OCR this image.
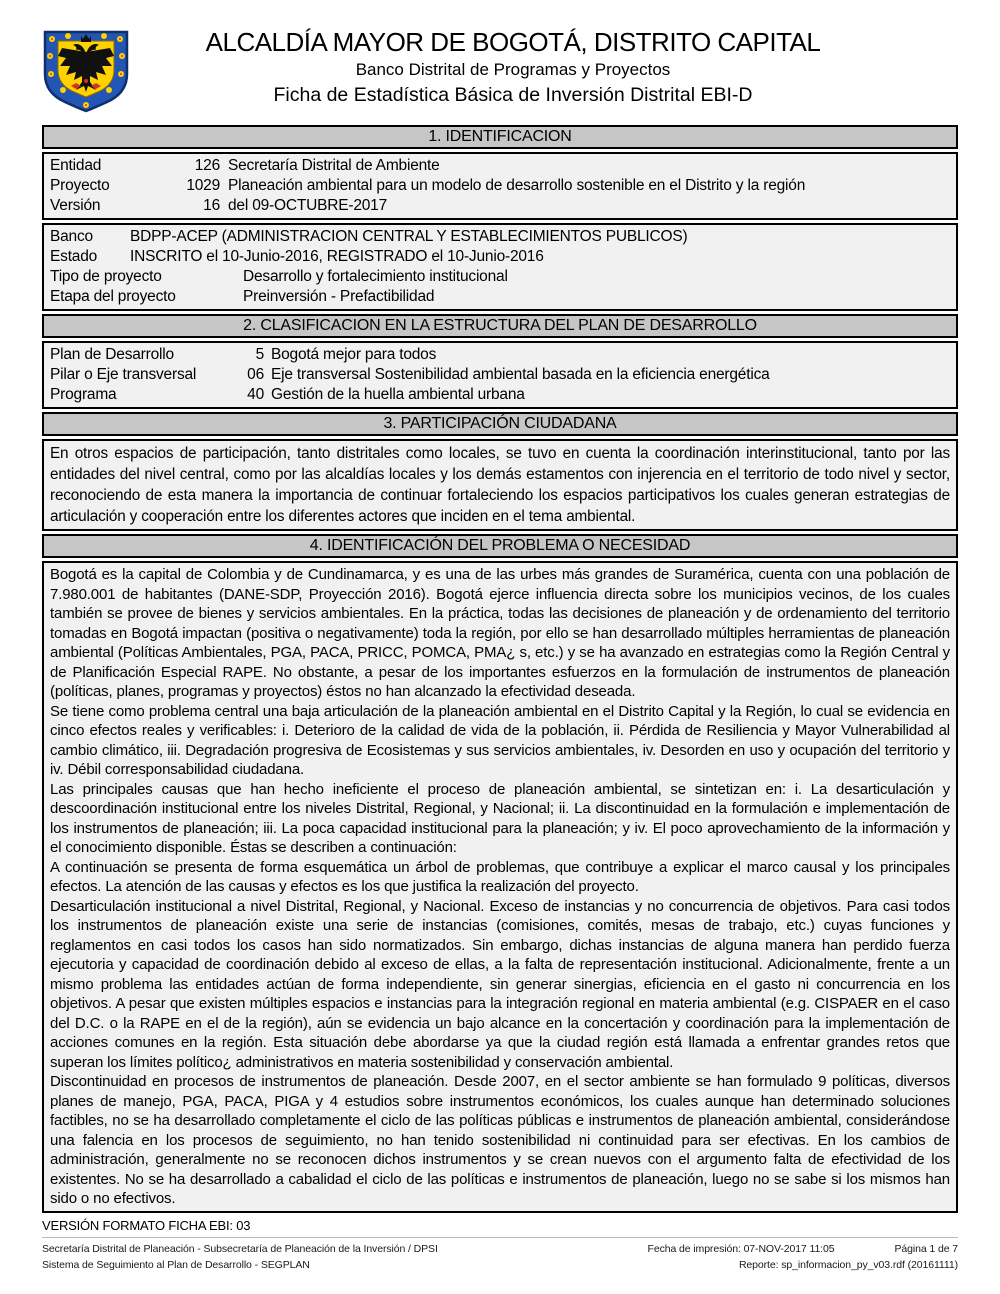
ALCALDÍA MAYOR DE BOGOTÁ, DISTRITO CAPITAL
Banco Distrital de Programas y Proyectos
Ficha de Estadística Básica de Inversión Distrital EBI-D
1. IDENTIFICACION
Entidad	126 Secretaría Distrital de Ambiente
Proyecto	1029 Planeación ambiental para un modelo de desarrollo sostenible en el Distrito y la región
Versión	16 del 09-OCTUBRE-2017
Banco	BDPP-ACEP (ADMINISTRACION CENTRAL Y ESTABLECIMIENTOS PUBLICOS)
Estado	INSCRITO el 10-Junio-2016, REGISTRADO el 10-Junio-2016
Tipo de proyecto	Desarrollo y fortalecimiento institucional
Etapa del proyecto	Preinversión - Prefactibilidad
2. CLASIFICACION EN LA ESTRUCTURA DEL PLAN DE DESARROLLO
Plan de Desarrollo	5 Bogotá mejor para todos
Pilar o Eje transversal	06 Eje transversal Sostenibilidad ambiental basada en la eficiencia energética
Programa	40 Gestión de la huella ambiental urbana
3. PARTICIPACIÓN CIUDADANA
En otros espacios de participación, tanto distritales como locales, se tuvo en cuenta la coordinación interinstitucional, tanto por las entidades del nivel central, como por las alcaldías locales y los demás estamentos con injerencia en el territorio de todo nivel y sector, reconociendo de esta manera la importancia de continuar fortaleciendo los espacios participativos los cuales generan estrategias de articulación y cooperación entre los diferentes actores que inciden en el tema ambiental.
4. IDENTIFICACIÓN DEL PROBLEMA O NECESIDAD

Bogotá es la capital de Colombia y de Cundinamarca, y es una de las urbes más grandes de Suramérica, cuenta con una población de 7.980.001 de habitantes (DANE-SDP, Proyección 2016). Bogotá ejerce influencia directa sobre los municipios vecinos, de los cuales también se provee de bienes y servicios ambientales. En la práctica, todas las decisiones de planeación y de ordenamiento del territorio tomadas en Bogotá impactan (positiva o negativamente) toda la región, por ello se han desarrollado múltiples herramientas de planeación ambiental (Políticas Ambientales, PGA, PACA, PRICC, POMCA, PMA¿ s, etc.) y se ha avanzado en estrategias como la Región Central y de Planificación Especial RAPE. No obstante, a pesar de los importantes esfuerzos en la formulación de instrumentos de planeación (políticas, planes, programas y proyectos) éstos no han alcanzado la efectividad deseada.

Se tiene como problema central una baja articulación de la planeación ambiental en el Distrito Capital y la Región, lo cual se evidencia en cinco efectos reales y verificables: i. Deterioro de la calidad de vida de la población, ii. Pérdida de Resiliencia y Mayor Vulnerabilidad al cambio climático, iii. Degradación progresiva de Ecosistemas y sus servicios ambientales, iv. Desorden en uso y ocupación del territorio y iv. Débil corresponsabilidad ciudadana.

Las principales causas que han hecho ineficiente el proceso de planeación ambiental, se sintetizan en: i. La desarticulación y descoordinación institucional entre los niveles Distrital, Regional, y Nacional; ii. La discontinuidad en la formulación e implementación de los instrumentos de planeación; iii. La poca capacidad institucional para la planeación; y iv. El poco aprovechamiento de la información y el conocimiento disponible. Éstas se describen a continuación:

A continuación se presenta de forma esquemática un árbol de problemas, que contribuye a explicar el marco causal y los principales efectos. La atención de las causas y efectos es los que justifica la realización del proyecto.

Desarticulación institucional a nivel Distrital, Regional, y Nacional. Exceso de instancias y no concurrencia de objetivos. Para casi todos los instrumentos de planeación existe una serie de instancias (comisiones, comités, mesas de trabajo, etc.) cuyas funciones y reglamentos en casi todos los casos han sido normatizados. Sin embargo, dichas instancias de alguna manera han perdido fuerza ejecutoria y capacidad de coordinación debido al exceso de ellas, a la falta de representación institucional. Adicionalmente, frente a un mismo problema las entidades actúan de forma independiente, sin generar sinergias, eficiencia en el gasto ni concurrencia en los objetivos. A pesar que existen múltiples espacios e instancias para la integración regional en materia ambiental (e.g. CISPAER en el caso del D.C. o la RAPE en el de la región), aún se evidencia un bajo alcance en la concertación y coordinación para la implementación de acciones comunes en la región. Esta situación debe abordarse ya que la ciudad región está llamada a enfrentar grandes retos que superan los límites político¿ administrativos en materia sostenibilidad y conservación ambiental.

Discontinuidad en procesos de instrumentos de planeación. Desde 2007, en el sector ambiente se han formulado 9 políticas, diversos planes de manejo, PGA, PACA, PIGA y 4 estudios sobre instrumentos económicos, los cuales aunque han determinado soluciones factibles, no se ha desarrollado completamente el ciclo de las políticas públicas e instrumentos de planeación ambiental, considerándose una falencia en los procesos de seguimiento, no han tenido sostenibilidad ni continuidad para ser efectivas. En los cambios de administración, generalmente no se reconocen dichos instrumentos y se crean nuevos con el argumento falta de efectividad de los existentes. No se ha desarrollado a cabalidad el ciclo de las políticas e instrumentos de planeación, luego no se sabe si los mismos han sido o no efectivos.

VERSIÓN FORMATO FICHA EBI: 03
Secretaría Distrital de Planeación - Subsecretaría de Planeación de la Inversión / DPSI
Sistema de Seguimiento al Plan de Desarrollo - SEGPLAN
Fecha de impresión: 07-NOV-2017 11:05	Página 1 de 7
Reporte: sp_informacion_py_v03.rdf (20161111)
